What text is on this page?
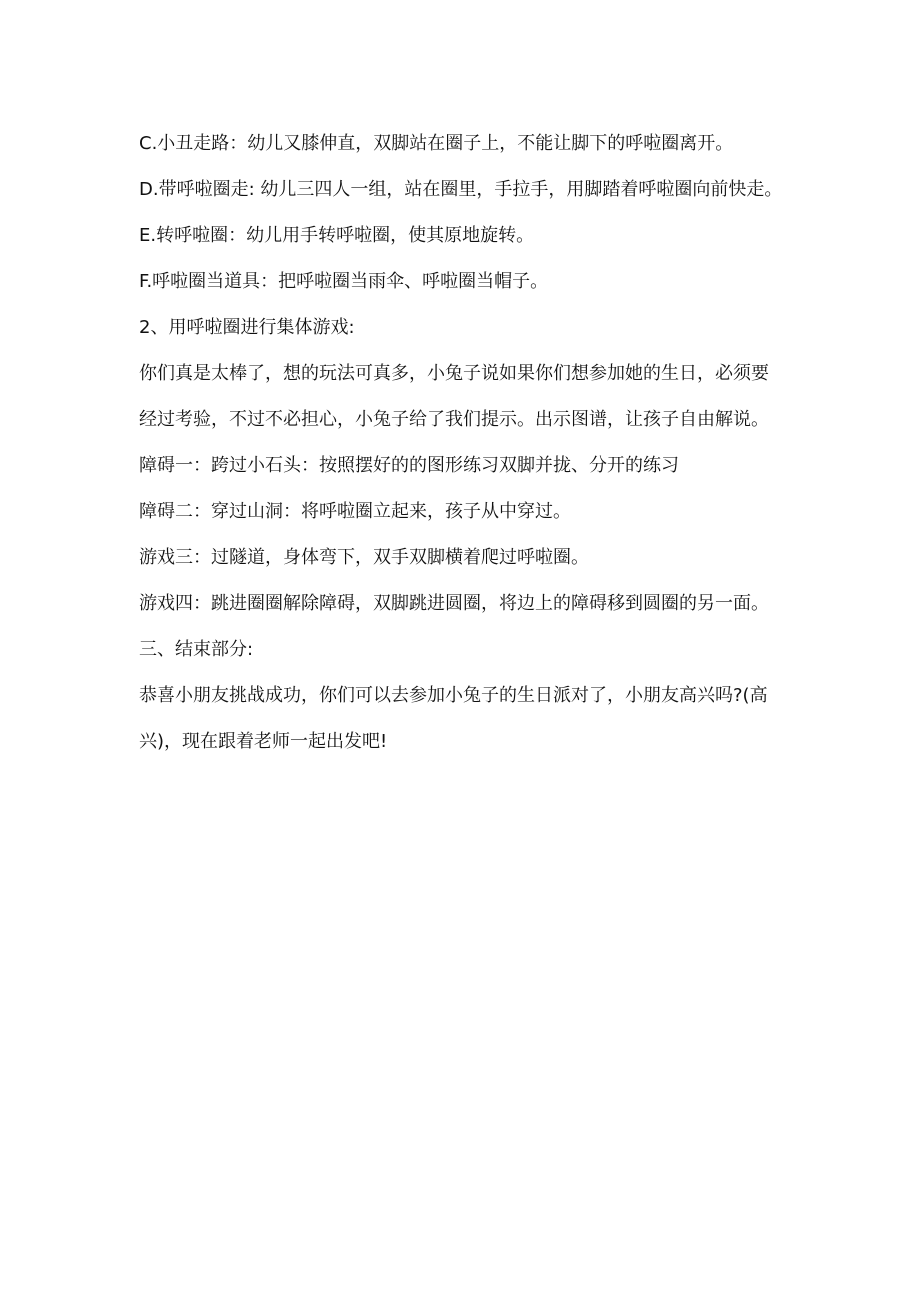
C.小丑走路：幼儿又膝伸直，双脚站在圈子上，不能让脚下的呼啦圈离开。
D.带呼啦圈走: 幼儿三四人一组，站在圈里，手拉手，用脚踏着呼啦圈向前快走。
E.转呼啦圈：幼儿用手转呼啦圈，使其原地旋转。
F.呼啦圈当道具：把呼啦圈当雨伞、呼啦圈当帽子。
2、用呼啦圈进行集体游戏:
你们真是太棒了，想的玩法可真多，小兔子说如果你们想参加她的生日，必须要
经过考验，不过不必担心，小兔子给了我们提示。出示图谱，让孩子自由解说。
障碍一：跨过小石头：按照摆好的的图形练习双脚并拢、分开的练习
障碍二：穿过山洞：将呼啦圈立起来，孩子从中穿过。
游戏三：过隧道，身体弯下，双手双脚横着爬过呼啦圈。
游戏四：跳进圈圈解除障碍，双脚跳进圆圈，将边上的障碍移到圆圈的另一面。
三、结束部分:
恭喜小朋友挑战成功，你们可以去参加小兔子的生日派对了，小朋友高兴吗?(高
兴)，现在跟着老师一起出发吧!
